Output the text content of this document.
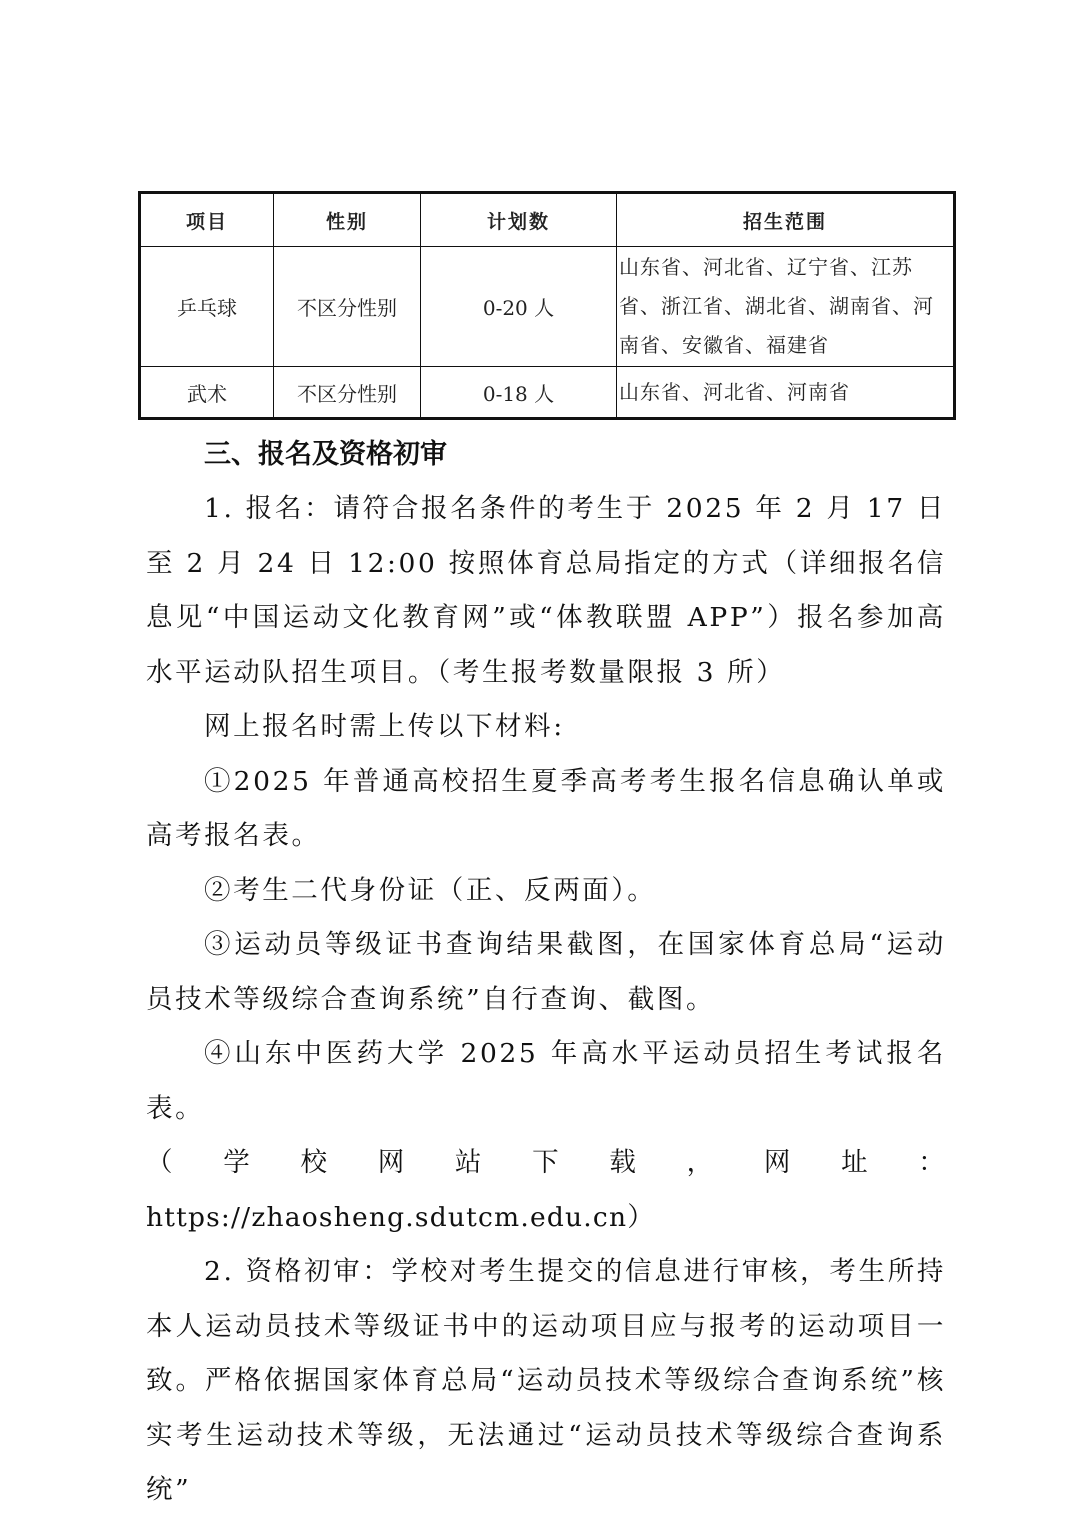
项目	性别	计划数	招生范围
乒乓球	不区分性别	0-20 人	山东省、河北省、辽宁省、江苏省、浙江省、湖北省、湖南省、河南省、安徽省、福建省
武术	不区分性别	0-18 人	山东省、河北省、河南省
三、报名及资格初审

1. 报名：请符合报名条件的考生于 2025 年 2 月 17 日至 2 月 24 日 12:00 按照体育总局指定的方式（详细报名信息见“中国运动文化教育网”或“体教联盟 APP”）报名参加高水平运动队招生项目。（考生报考数量限报 3 所）

网上报名时需上传以下材料:

①2025 年普通高校招生夏季高考考生报名信息确认单或高考报名表。

②考生二代身份证（正、反两面）。

③运动员等级证书查询结果截图，在国家体育总局“运动员技术等级综合查询系统”自行查询、截图。

④山东中医药大学 2025 年高水平运动员招生考试报名表。

（学校网站下载，网址：https://zhaosheng.sdutcm.edu.cn）

2. 资格初审：学校对考生提交的信息进行审核，考生所持本人运动员技术等级证书中的运动项目应与报考的运动项目一致。严格依据国家体育总局“运动员技术等级综合查询系统”核实考生运动技术等级，无法通过“运动员技术等级综合查询系统”
